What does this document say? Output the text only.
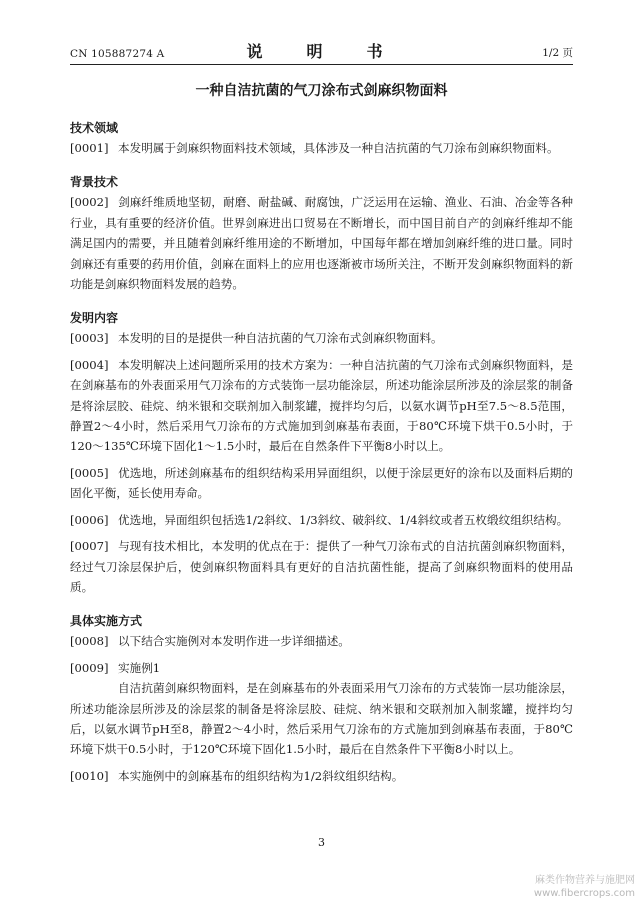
CN 105887274 A	说　明　书	1/2 页
一种自洁抗菌的气刀涂布式剑麻织物面料

技术领域

[0001] 本发明属于剑麻织物面料技术领域，具体涉及一种自洁抗菌的气刀涂布剑麻织物面料。

背景技术

[0002] 剑麻纤维质地坚韧，耐磨、耐盐碱、耐腐蚀，广泛运用在运输、渔业、石油、冶金等各种行业，具有重要的经济价值。世界剑麻进出口贸易在不断增长，而中国目前自产的剑麻纤维却不能满足国内的需要，并且随着剑麻纤维用途的不断增加，中国每年都在增加剑麻纤维的进口量。同时剑麻还有重要的药用价值，剑麻在面料上的应用也逐渐被市场所关注，不断开发剑麻织物面料的新功能是剑麻织物面料发展的趋势。

发明内容

[0003] 本发明的目的是提供一种自洁抗菌的气刀涂布式剑麻织物面料。

[0004] 本发明解决上述问题所采用的技术方案为：一种自洁抗菌的气刀涂布式剑麻织物面料，是在剑麻基布的外表面采用气刀涂布的方式装饰一层功能涂层，所述功能涂层所涉及的涂层浆的制备是将涂层胶、硅烷、纳米银和交联剂加入制浆罐，搅拌均匀后，以氨水调节pH至7.5～8.5范围，静置2～4小时，然后采用气刀涂布的方式施加到剑麻基布表面，于80℃环境下烘干0.5小时，于120～135℃环境下固化1～1.5小时，最后在自然条件下平衡8小时以上。

[0005] 优选地，所述剑麻基布的组织结构采用异面组织，以便于涂层更好的涂布以及面料后期的固化平衡，延长使用寿命。

[0006] 优选地，异面组织包括选1/2斜纹、1/3斜纹、破斜纹、1/4斜纹或者五枚缎纹组织结构。

[0007] 与现有技术相比，本发明的优点在于：提供了一种气刀涂布式的自洁抗菌剑麻织物面料，经过气刀涂层保护后，使剑麻织物面料具有更好的自洁抗菌性能，提高了剑麻织物面料的使用品质。

具体实施方式

[0008] 以下结合实施例对本发明作进一步详细描述。

[0009] 实施例1

自洁抗菌剑麻织物面料，是在剑麻基布的外表面采用气刀涂布的方式装饰一层功能涂层，所述功能涂层所涉及的涂层浆的制备是将涂层胶、硅烷、纳米银和交联剂加入制浆罐，搅拌均匀后，以氨水调节pH至8，静置2～4小时，然后采用气刀涂布的方式施加到剑麻基布表面，于80℃环境下烘干0.5小时，于120℃环境下固化1.5小时，最后在自然条件下平衡8小时以上。

[0010] 本实施例中的剑麻基布的组织结构为1/2斜纹组织结构。

3
麻类作物营养与施肥网
www.fibercrops.com
